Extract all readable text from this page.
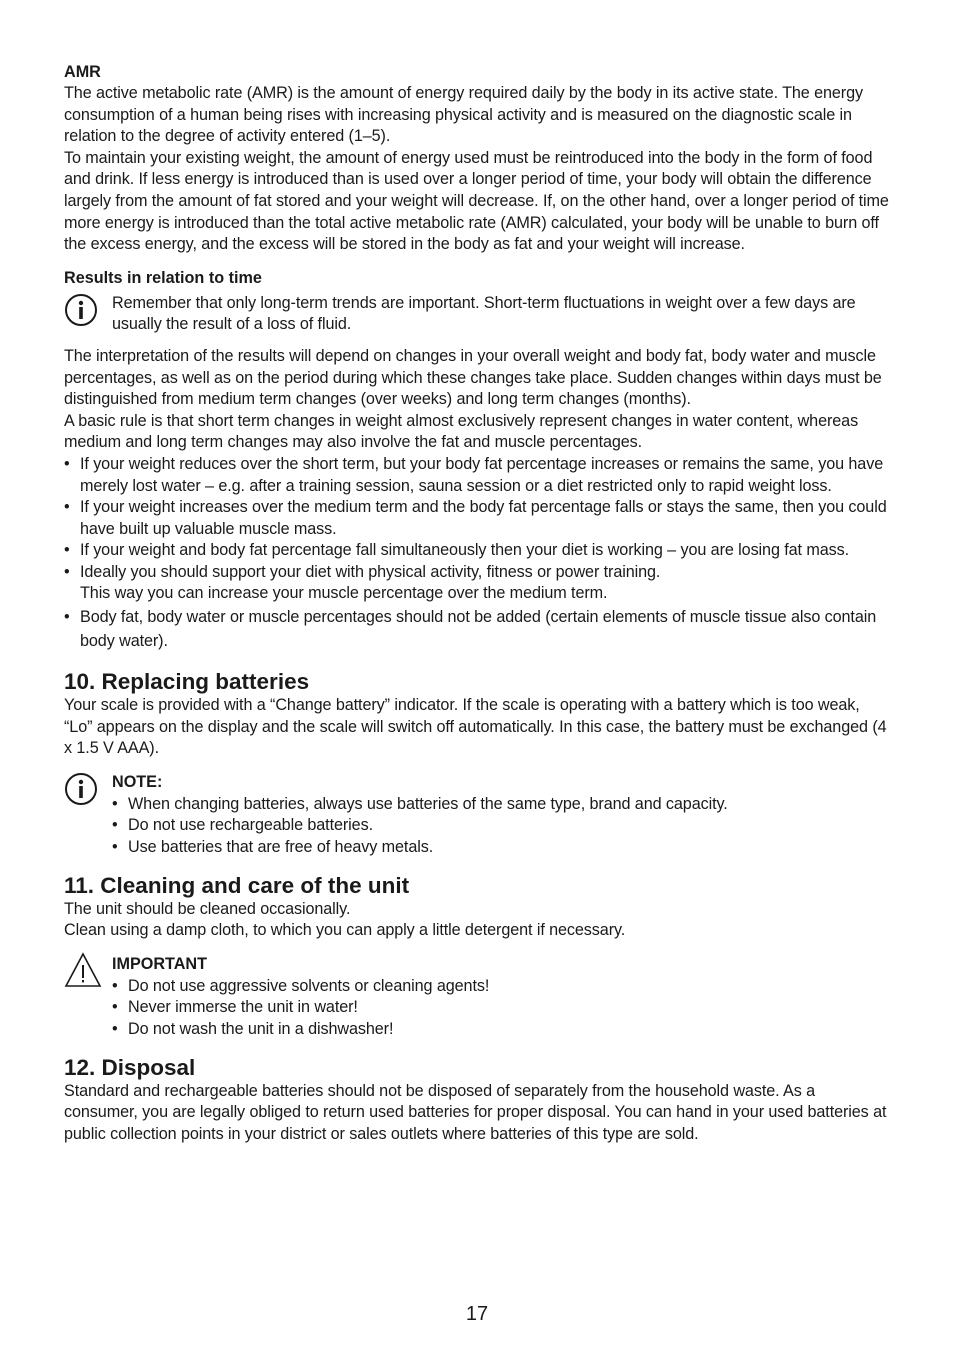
AMR

The active metabolic rate (AMR) is the amount of energy required daily by the body in its active state. The energy consumption of a human being rises with increasing physical activity and is measured on the diagnostic scale in relation to the degree of activity entered (1–5).

To maintain your existing weight, the amount of energy used must be reintroduced into the body in the form of food and drink. If less energy is introduced than is used over a longer period of time, your body will obtain the difference largely from the amount of fat stored and your weight will decrease. If, on the other hand, over a longer period of time more energy is introduced than the total active metabolic rate (AMR) calculated, your body will be unable to burn off the excess energy, and the excess will be stored in the body as fat and your weight will increase.

Results in relation to time

Remember that only long-term trends are important. Short-term fluctuations in weight over a few days are usually the result of a loss of fluid.

The interpretation of the results will depend on changes in your overall weight and body fat, body water and muscle percentages, as well as on the period during which these changes take place. Sudden changes within days must be distinguished from medium term changes (over weeks) and long term changes (months).

A basic rule is that short term changes in weight almost exclusively represent changes in water content, whereas medium and long term changes may also involve the fat and muscle percentages.

• If your weight reduces over the short term, but your body fat percentage increases or remains the same, you have merely lost water – e.g. after a training session, sauna session or a diet restricted only to rapid weight loss.
• If your weight increases over the medium term and the body fat percentage falls or stays the same, then you could have built up valuable muscle mass.
• If your weight and body fat percentage fall simultaneously then your diet is working – you are losing fat mass.
• Ideally you should support your diet with physical activity, fitness or power training.
This way you can increase your muscle percentage over the medium term.
• Body fat, body water or muscle percentages should not be added (certain elements of muscle tissue also contain body water).
10. Replacing batteries

Your scale is provided with a “Change battery” indicator. If the scale is operating with a battery which is too weak, “Lo” appears on the display and the scale will switch off automatically. In this case, the battery must be exchanged (4 x 1.5 V AAA).

NOTE:
• When changing batteries, always use batteries of the same type, brand and capacity.
• Do not use rechargeable batteries.
• Use batteries that are free of heavy metals.
11. Cleaning and care of the unit

The unit should be cleaned occasionally.

Clean using a damp cloth, to which you can apply a little detergent if necessary.

IMPORTANT
• Do not use aggressive solvents or cleaning agents!
• Never immerse the unit in water!
• Do not wash the unit in a dishwasher!
12. Disposal

Standard and rechargeable batteries should not be disposed of separately from the household waste. As a consumer, you are legally obliged to return used batteries for proper disposal. You can hand in your used batteries at public collection points in your district or sales outlets where batteries of this type are sold.

17
